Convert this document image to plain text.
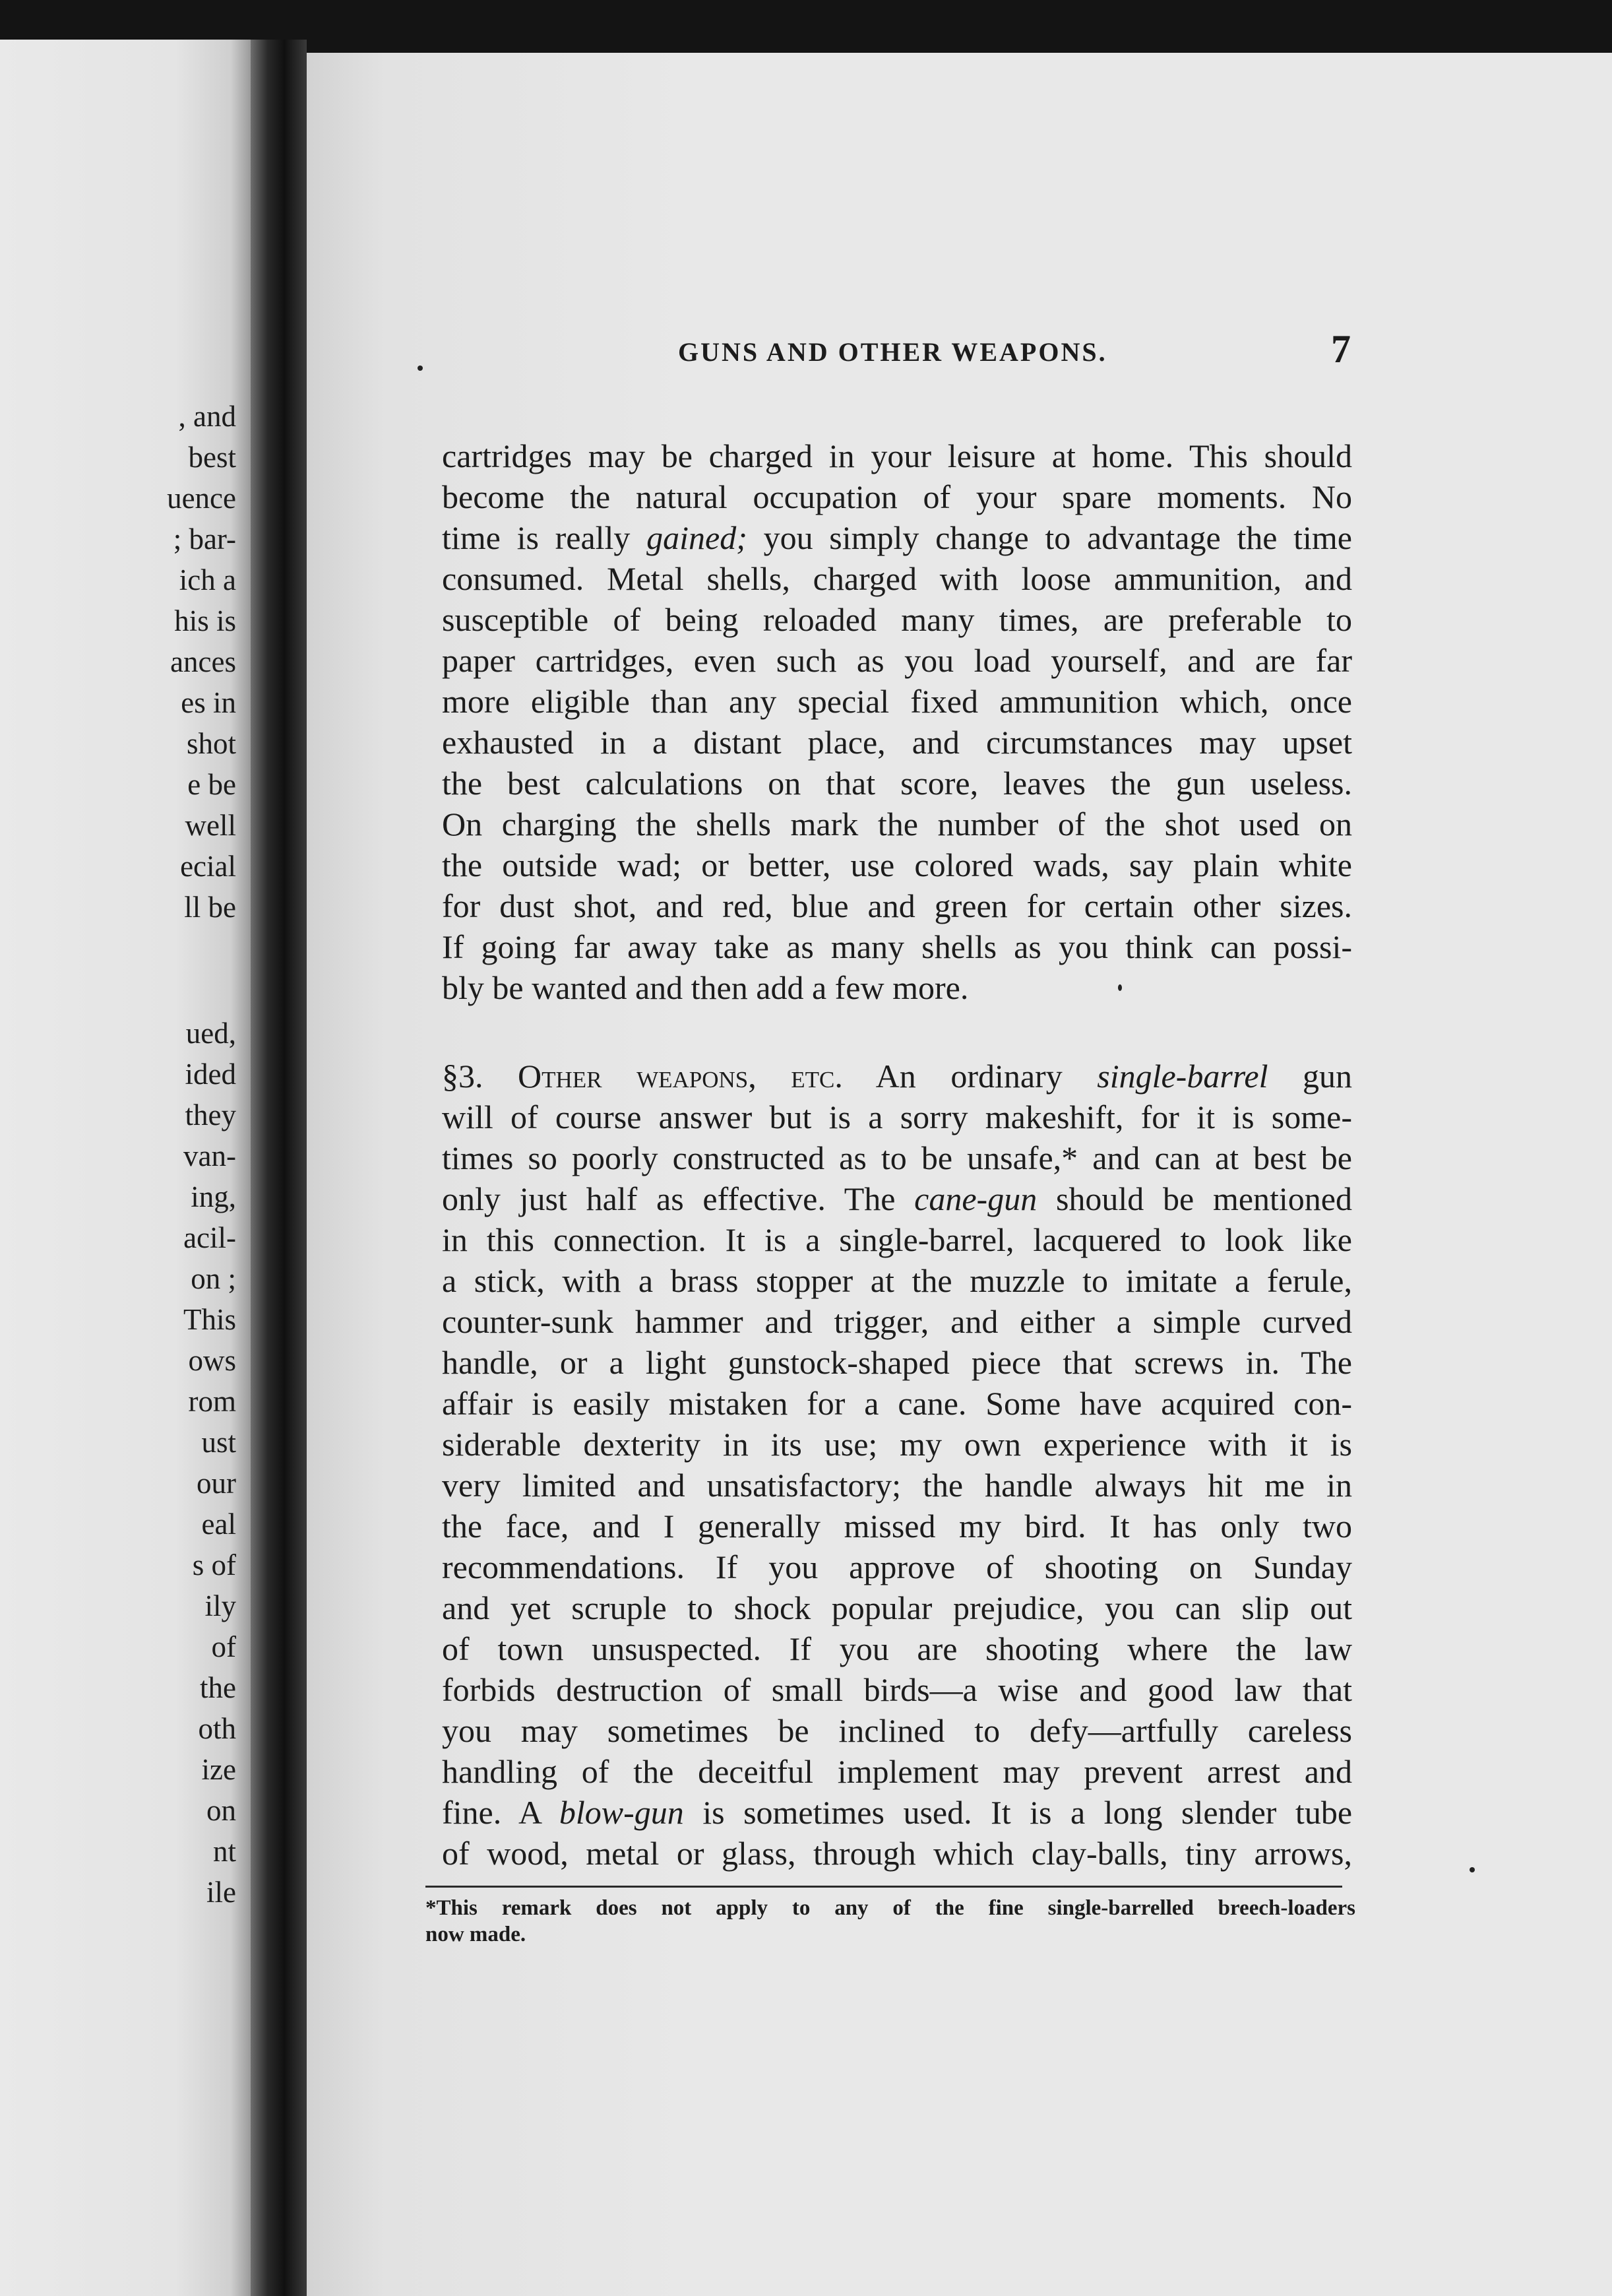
, and
best
uence
; bar-
ich a
his is
ances
es in
shot
e be
well
ecial
ll be
ued,
ided
they
van-
ing,
acil-
on ;
This
ows
rom
ust
our
eal
s of
ily
of
the
oth
ize
on
nt
ile
GUNS AND OTHER WEAPONS.	7
cartridges may be charged in your leisure at home. This should
become the natural occupation of your spare moments. No
time is really gained; you simply change to advantage the time
consumed. Metal shells, charged with loose ammunition, and
susceptible of being reloaded many times, are preferable to
paper cartridges, even such as you load yourself, and are far
more eligible than any special fixed ammunition which, once
exhausted in a distant place, and circumstances may upset
the best calculations on that score, leaves the gun useless.
On charging the shells mark the number of the shot used on
the outside wad; or better, use colored wads, say plain white
for dust shot, and red, blue and green for certain other sizes.
If going far away take as many shells as you think can possi-
bly be wanted and then add a few more.
§3. Other weapons, etc. An ordinary single-barrel gun
will of course answer but is a sorry makeshift, for it is some-
times so poorly constructed as to be unsafe,* and can at best be
only just half as effective. The cane-gun should be mentioned
in this connection. It is a single-barrel, lacquered to look like
a stick, with a brass stopper at the muzzle to imitate a ferule,
counter-sunk hammer and trigger, and either a simple curved
handle, or a light gunstock-shaped piece that screws in. The
affair is easily mistaken for a cane. Some have acquired con-
siderable dexterity in its use; my own experience with it is
very limited and unsatisfactory; the handle always hit me in
the face, and I generally missed my bird. It has only two
recommendations. If you approve of shooting on Sunday
and yet scruple to shock popular prejudice, you can slip out
of town unsuspected. If you are shooting where the law
forbids destruction of small birds—a wise and good law that
you may sometimes be inclined to defy—artfully careless
handling of the deceitful implement may prevent arrest and
fine. A blow-gun is sometimes used. It is a long slender tube
of wood, metal or glass, through which clay-balls, tiny arrows,
*This remark does not apply to any of the fine single-barrelled breech-loaders
now made.
